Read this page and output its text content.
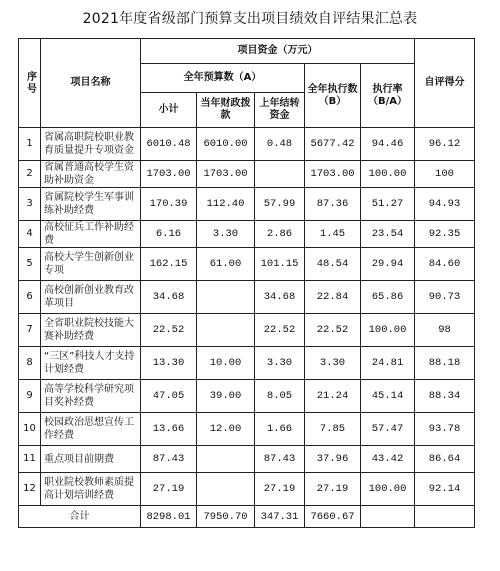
2021年度省级部门预算支出项目绩效自评结果汇总表
序号	项目名称	项目资金（万元）					自评得分
		全年预算数（A）			全年执行数（B）	执行率（B/A）	
		小计	当年财政拨款	上年结转资金			
1	省属高职院校职业教育质量提升专项资金	6010.48	6010.00	0.48	5677.42	94.46	96.12
2	省属普通高校学生资助补助资金	1703.00	1703.00		1703.00	100.00	100
3	省属院校学生军事训练补助经费	170.39	112.40	57.99	87.36	51.27	94.93
4	高校征兵工作补助经费	6.16	3.30	2.86	1.45	23.54	92.35
5	高校大学生创新创业专项	162.15	61.00	101.15	48.54	29.94	84.60
6	高校创新创业教育改革项目	34.68		34.68	22.84	65.86	90.73
7	全省职业院校技能大赛补助经费	22.52		22.52	22.52	100.00	98
8	“三区”科技人才支持计划经费	13.30	10.00	3.30	3.30	24.81	88.18
9	高等学校科学研究项目奖补经费	47.05	39.00	8.05	21.24	45.14	88.34
10	校园政治思想宣传工作经费	13.66	12.00	1.66	7.85	57.47	93.78
11	重点项目前期费	87.43		87.43	37.96	43.42	86.64
12	职业院校教师素质提高计划培训经费	27.19		27.19	27.19	100.00	92.14
合计		8298.01	7950.70	347.31	7660.67		
